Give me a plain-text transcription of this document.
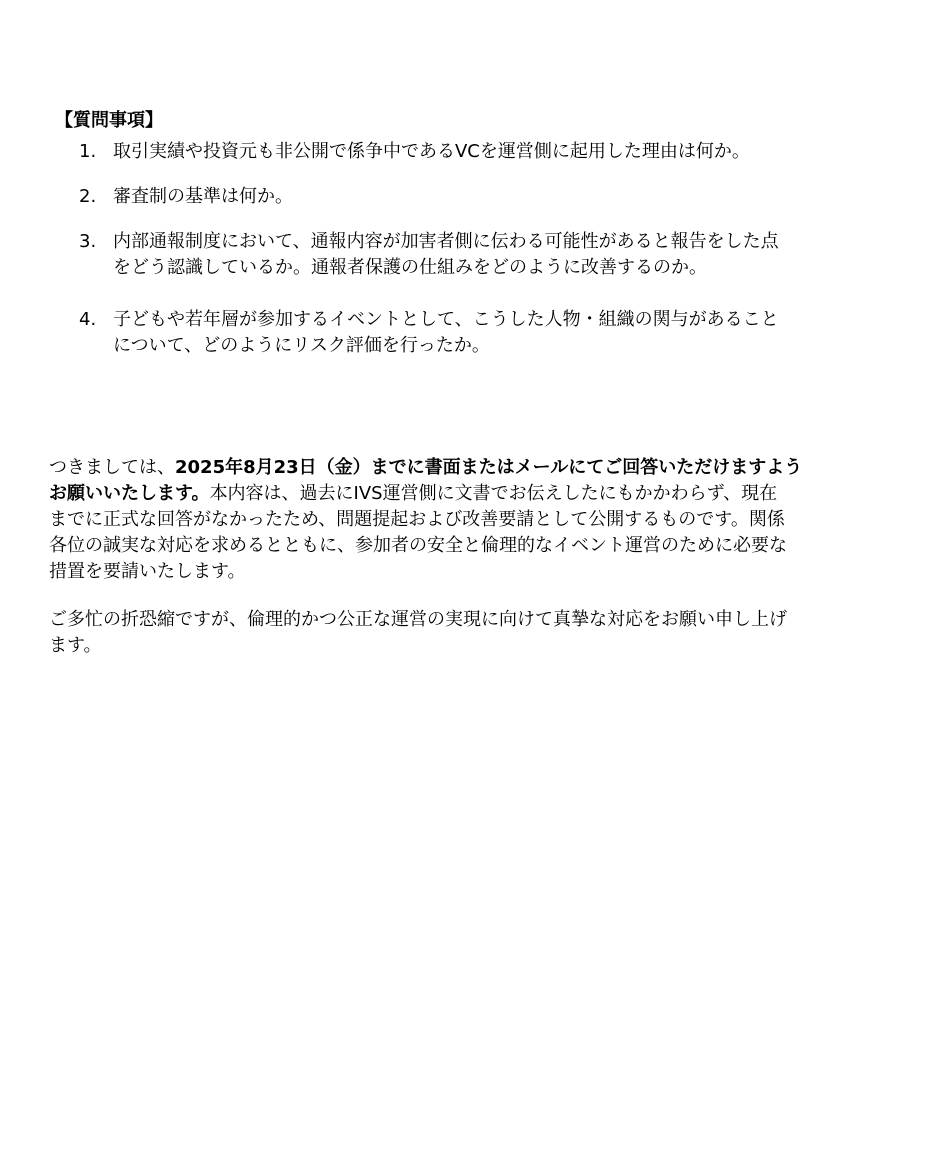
【質問事項】
1. 取引実績や投資元も非公開で係争中であるVCを運営側に起用した理由は何か。
2. 審査制の基準は何か。
3. 内部通報制度において、通報内容が加害者側に伝わる可能性があると報告をした点
をどう認識しているか。通報者保護の仕組みをどのように改善するのか。
4. 子どもや若年層が参加するイベントとして、こうした人物・組織の関与があること
について、どのようにリスク評価を行ったか。
つきましては、2025年8月23日（金）までに書面またはメールにてご回答いただけますよう
お願いいたします。本内容は、過去にIVS運営側に文書でお伝えしたにもかかわらず、現在
までに正式な回答がなかったため、問題提起および改善要請として公開するものです。関係
各位の誠実な対応を求めるとともに、参加者の安全と倫理的なイベント運営のために必要な
措置を要請いたします。
ご多忙の折恐縮ですが、倫理的かつ公正な運営の実現に向けて真摯な対応をお願い申し上げ
ます。
